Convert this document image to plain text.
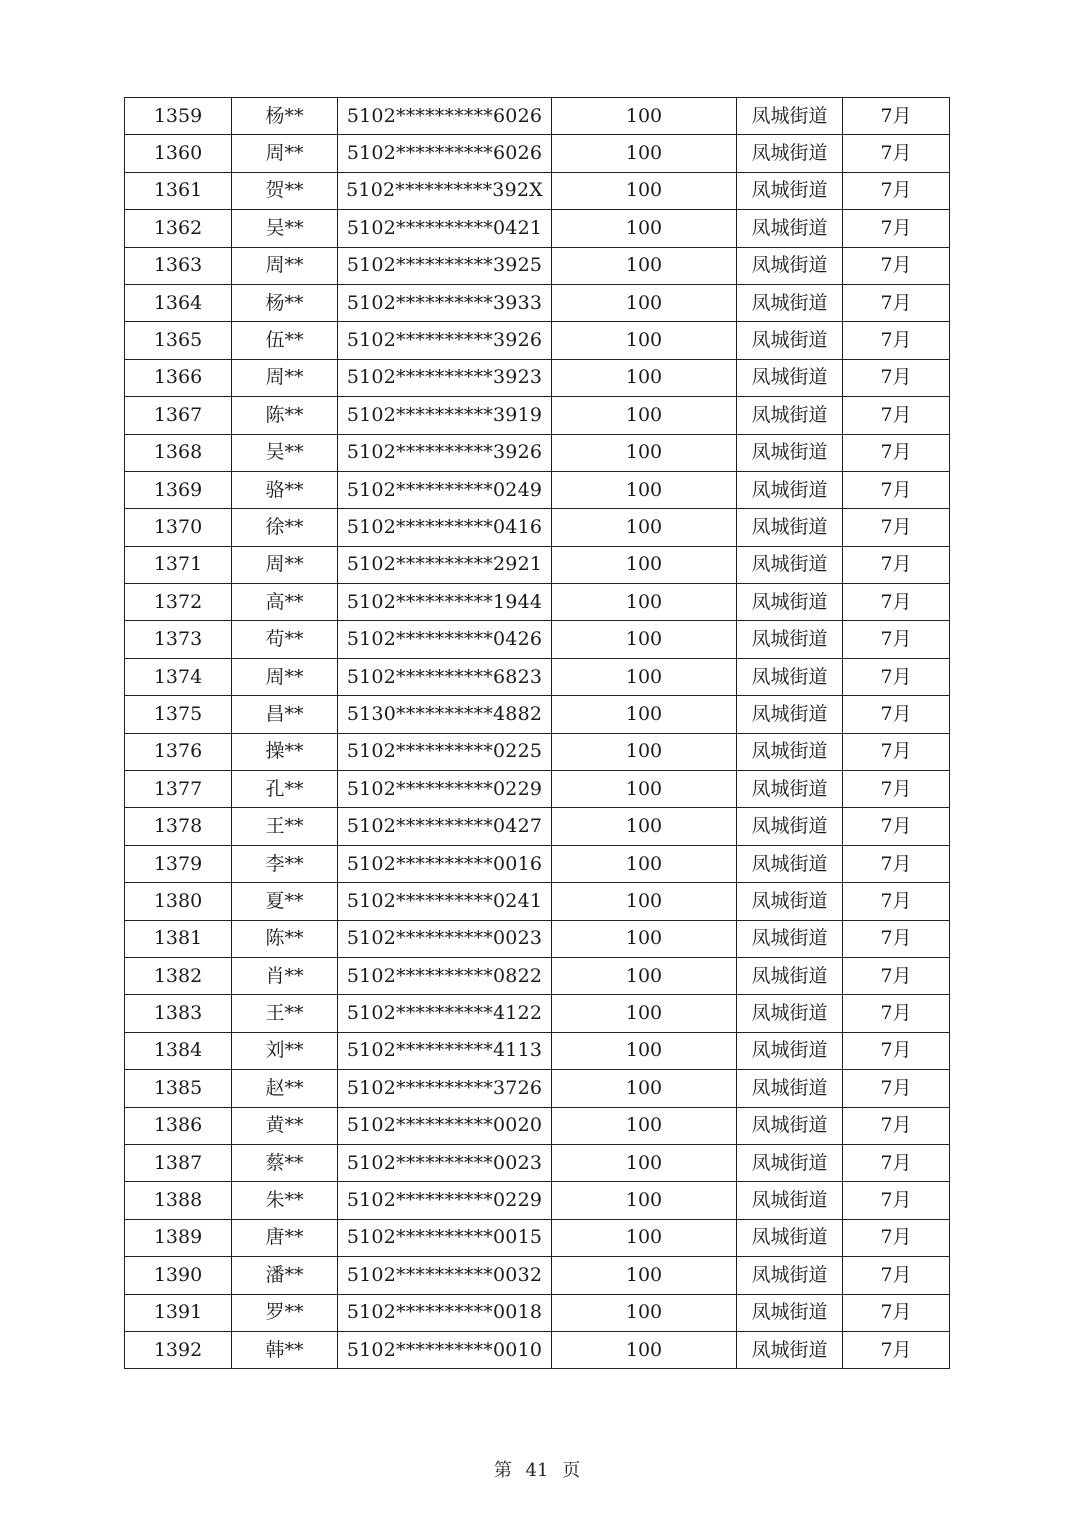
1359	杨**	5102**********6026	100	凤城街道	7月
1360	周**	5102**********6026	100	凤城街道	7月
1361	贺**	5102**********392X	100	凤城街道	7月
1362	吴**	5102**********0421	100	凤城街道	7月
1363	周**	5102**********3925	100	凤城街道	7月
1364	杨**	5102**********3933	100	凤城街道	7月
1365	伍**	5102**********3926	100	凤城街道	7月
1366	周**	5102**********3923	100	凤城街道	7月
1367	陈**	5102**********3919	100	凤城街道	7月
1368	吴**	5102**********3926	100	凤城街道	7月
1369	骆**	5102**********0249	100	凤城街道	7月
1370	徐**	5102**********0416	100	凤城街道	7月
1371	周**	5102**********2921	100	凤城街道	7月
1372	高**	5102**********1944	100	凤城街道	7月
1373	苟**	5102**********0426	100	凤城街道	7月
1374	周**	5102**********6823	100	凤城街道	7月
1375	昌**	5130**********4882	100	凤城街道	7月
1376	操**	5102**********0225	100	凤城街道	7月
1377	孔**	5102**********0229	100	凤城街道	7月
1378	王**	5102**********0427	100	凤城街道	7月
1379	李**	5102**********0016	100	凤城街道	7月
1380	夏**	5102**********0241	100	凤城街道	7月
1381	陈**	5102**********0023	100	凤城街道	7月
1382	肖**	5102**********0822	100	凤城街道	7月
1383	王**	5102**********4122	100	凤城街道	7月
1384	刘**	5102**********4113	100	凤城街道	7月
1385	赵**	5102**********3726	100	凤城街道	7月
1386	黄**	5102**********0020	100	凤城街道	7月
1387	蔡**	5102**********0023	100	凤城街道	7月
1388	朱**	5102**********0229	100	凤城街道	7月
1389	唐**	5102**********0015	100	凤城街道	7月
1390	潘**	5102**********0032	100	凤城街道	7月
1391	罗**	5102**********0018	100	凤城街道	7月
1392	韩**	5102**********0010	100	凤城街道	7月
第 41 页
